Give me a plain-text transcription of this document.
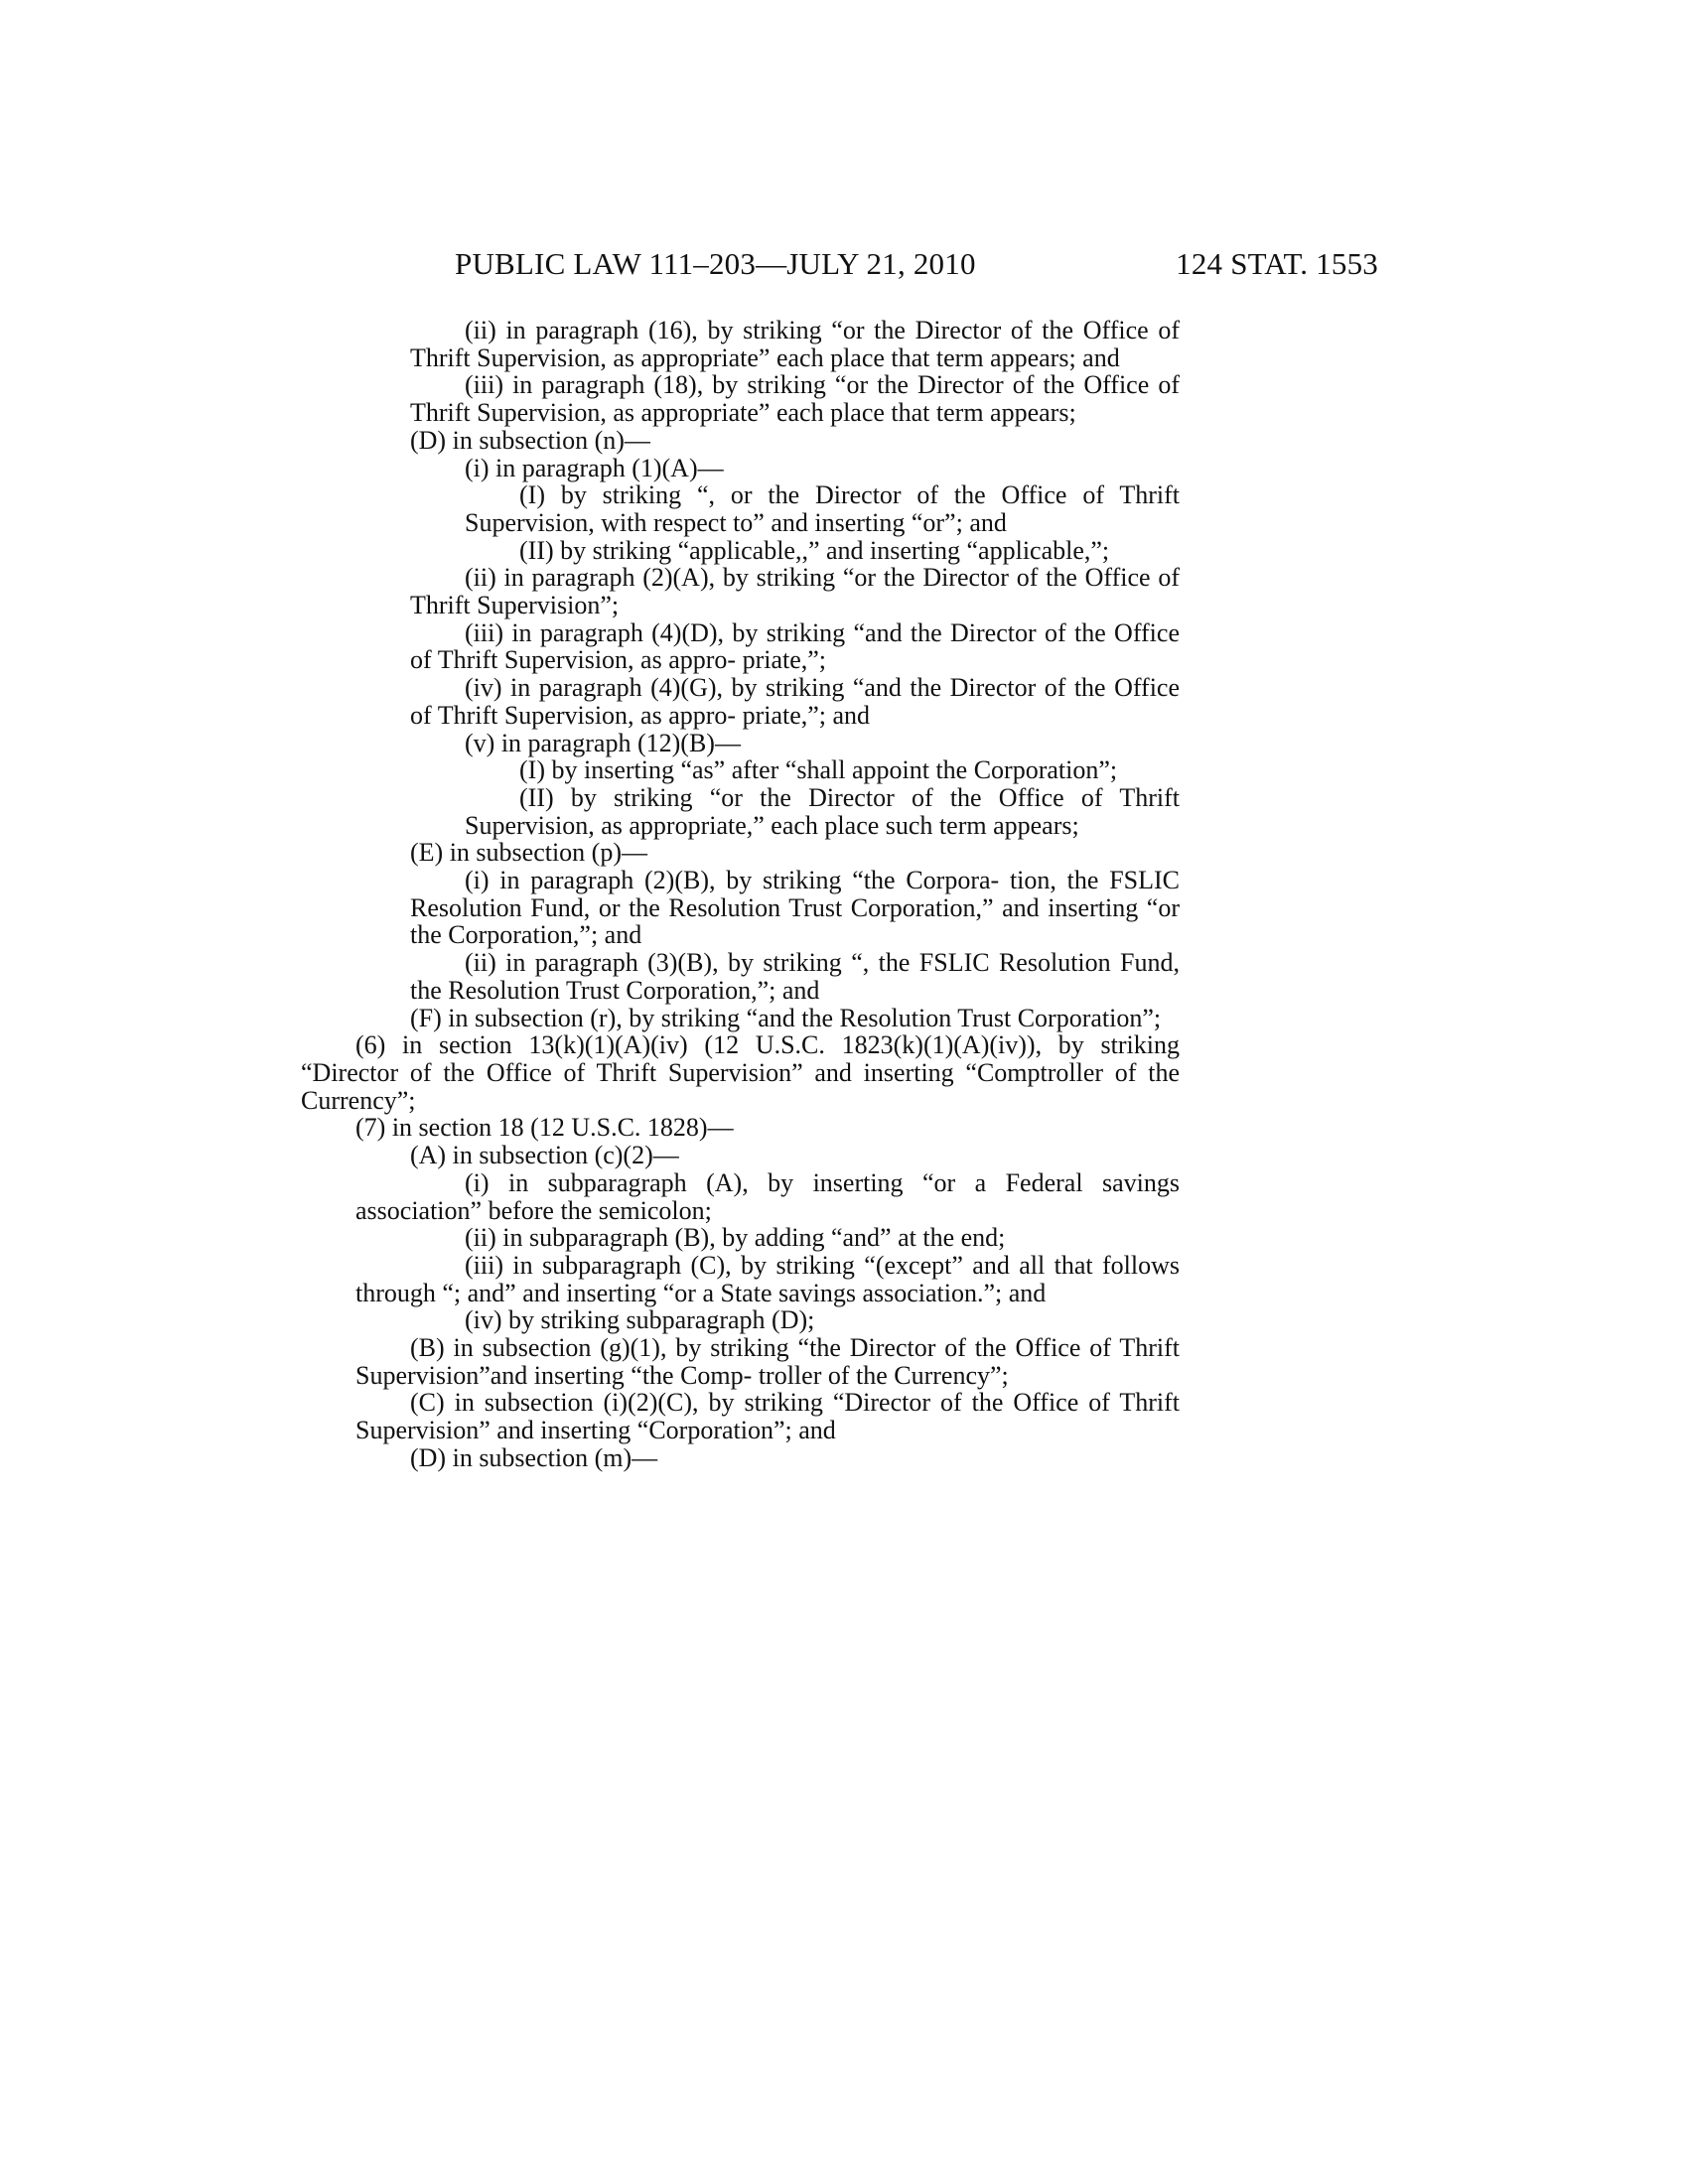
PUBLIC LAW 111–203—JULY 21, 2010	124 STAT. 1553

(ii) in paragraph (16), by striking “or the Director of the Office of Thrift Supervision, as appropriate” each place that term appears; and

(iii) in paragraph (18), by striking “or the Director of the Office of Thrift Supervision, as appropriate” each place that term appears;

(D) in subsection (n)—

(i) in paragraph (1)(A)—

(I) by striking “, or the Director of the Office of Thrift Supervision, with respect to” and inserting “or”; and

(II) by striking “applicable,,” and inserting “applicable,”;

(ii) in paragraph (2)(A), by striking “or the Director of the Office of Thrift Supervision”;

(iii) in paragraph (4)(D), by striking “and the Director of the Office of Thrift Supervision, as appro- priate,”;

(iv) in paragraph (4)(G), by striking “and the Director of the Office of Thrift Supervision, as appro- priate,”; and

(v) in paragraph (12)(B)—

(I) by inserting “as” after “shall appoint the Corporation”;

(II) by striking “or the Director of the Office of Thrift Supervision, as appropriate,” each place such term appears;

(E) in subsection (p)—

(i) in paragraph (2)(B), by striking “the Corpora- tion, the FSLIC Resolution Fund, or the Resolution Trust Corporation,” and inserting “or the Corporation,”; and

(ii) in paragraph (3)(B), by striking “, the FSLIC Resolution Fund, the Resolution Trust Corporation,”; and

(F) in subsection (r), by striking “and the Resolution Trust Corporation”;

(6) in section 13(k)(1)(A)(iv) (12 U.S.C. 1823(k)(1)(A)(iv)), by striking “Director of the Office of Thrift Supervision” and inserting “Comptroller of the Currency”;

(7) in section 18 (12 U.S.C. 1828)—

(A) in subsection (c)(2)—

(i) in subparagraph (A), by inserting “or a Federal savings association” before the semicolon;

(ii) in subparagraph (B), by adding “and” at the end;

(iii) in subparagraph (C), by striking “(except” and all that follows through “; and” and inserting “or a State savings association.”; and

(iv) by striking subparagraph (D);

(B) in subsection (g)(1), by striking “the Director of the Office of Thrift Supervision”and inserting “the Comp- troller of the Currency”;

(C) in subsection (i)(2)(C), by striking “Director of the Office of Thrift Supervision” and inserting “Corporation”; and

(D) in subsection (m)—
